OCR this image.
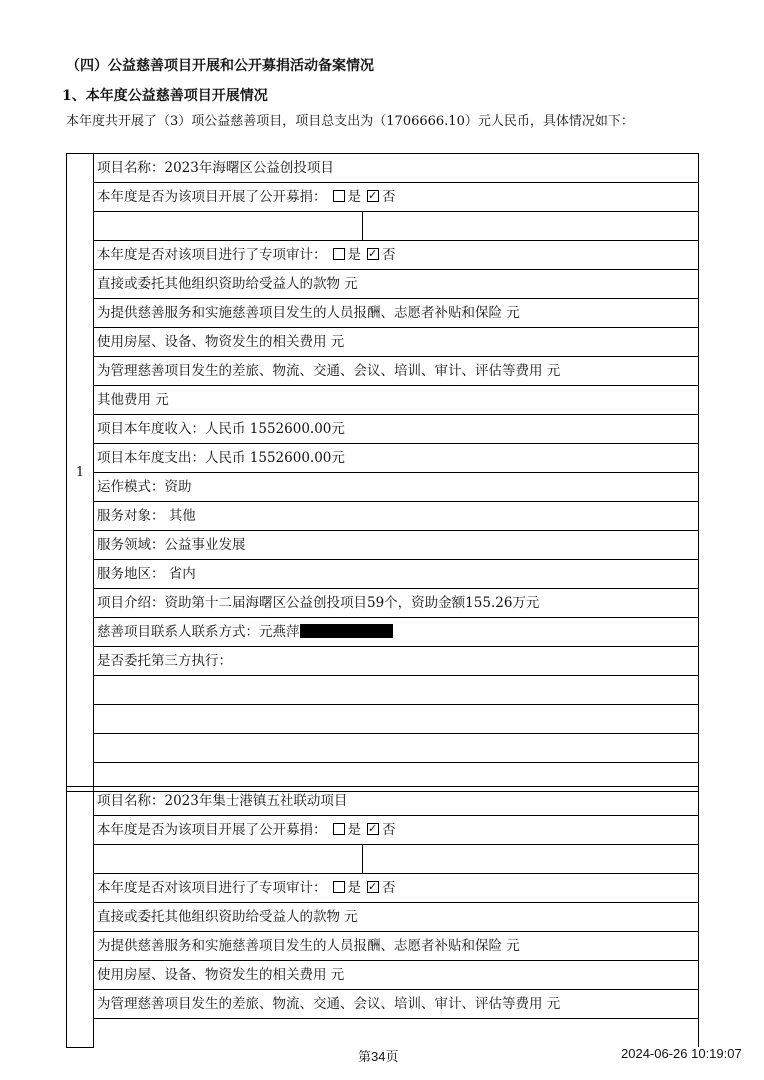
（四）公益慈善项目开展和公开募捐活动备案情况
1、本年度公益慈善项目开展情况
本年度共开展了（3）项公益慈善项目，项目总支出为（1706666.10）元人民币，具体情况如下：
1	项目名称：2023年海曙区公益创投项目
本年度是否为该项目开展了公开募捐： 是 ✓ 否

本年度是否对该项目进行了专项审计： 是 ✓ 否
直接或委托其他组织资助给受益人的款物 元
为提供慈善服务和实施慈善项目发生的人员报酬、志愿者补贴和保险 元
使用房屋、设备、物资发生的相关费用 元
为管理慈善项目发生的差旅、物流、交通、会议、培训、审计、评估等费用 元
其他费用 元
项目本年度收入：人民币 1552600.00元
项目本年度支出：人民币 1552600.00元
运作模式：资助
服务对象： 其他
服务领域：公益事业发展
服务地区： 省内
项目介绍：资助第十二届海曙区公益创投项目59个，资助金额155.26万元
慈善项目联系人联系方式：元燕萍
是否委托第三方执行：

	项目名称：2023年集士港镇五社联动项目
本年度是否为该项目开展了公开募捐： 是 ✓ 否

本年度是否对该项目进行了专项审计： 是 ✓ 否
直接或委托其他组织资助给受益人的款物 元
为提供慈善服务和实施慈善项目发生的人员报酬、志愿者补贴和保险 元
使用房屋、设备、物资发生的相关费用 元
为管理慈善项目发生的差旅、物流、交通、会议、培训、审计、评估等费用 元

第34页	2024-06-26 10:19:07
